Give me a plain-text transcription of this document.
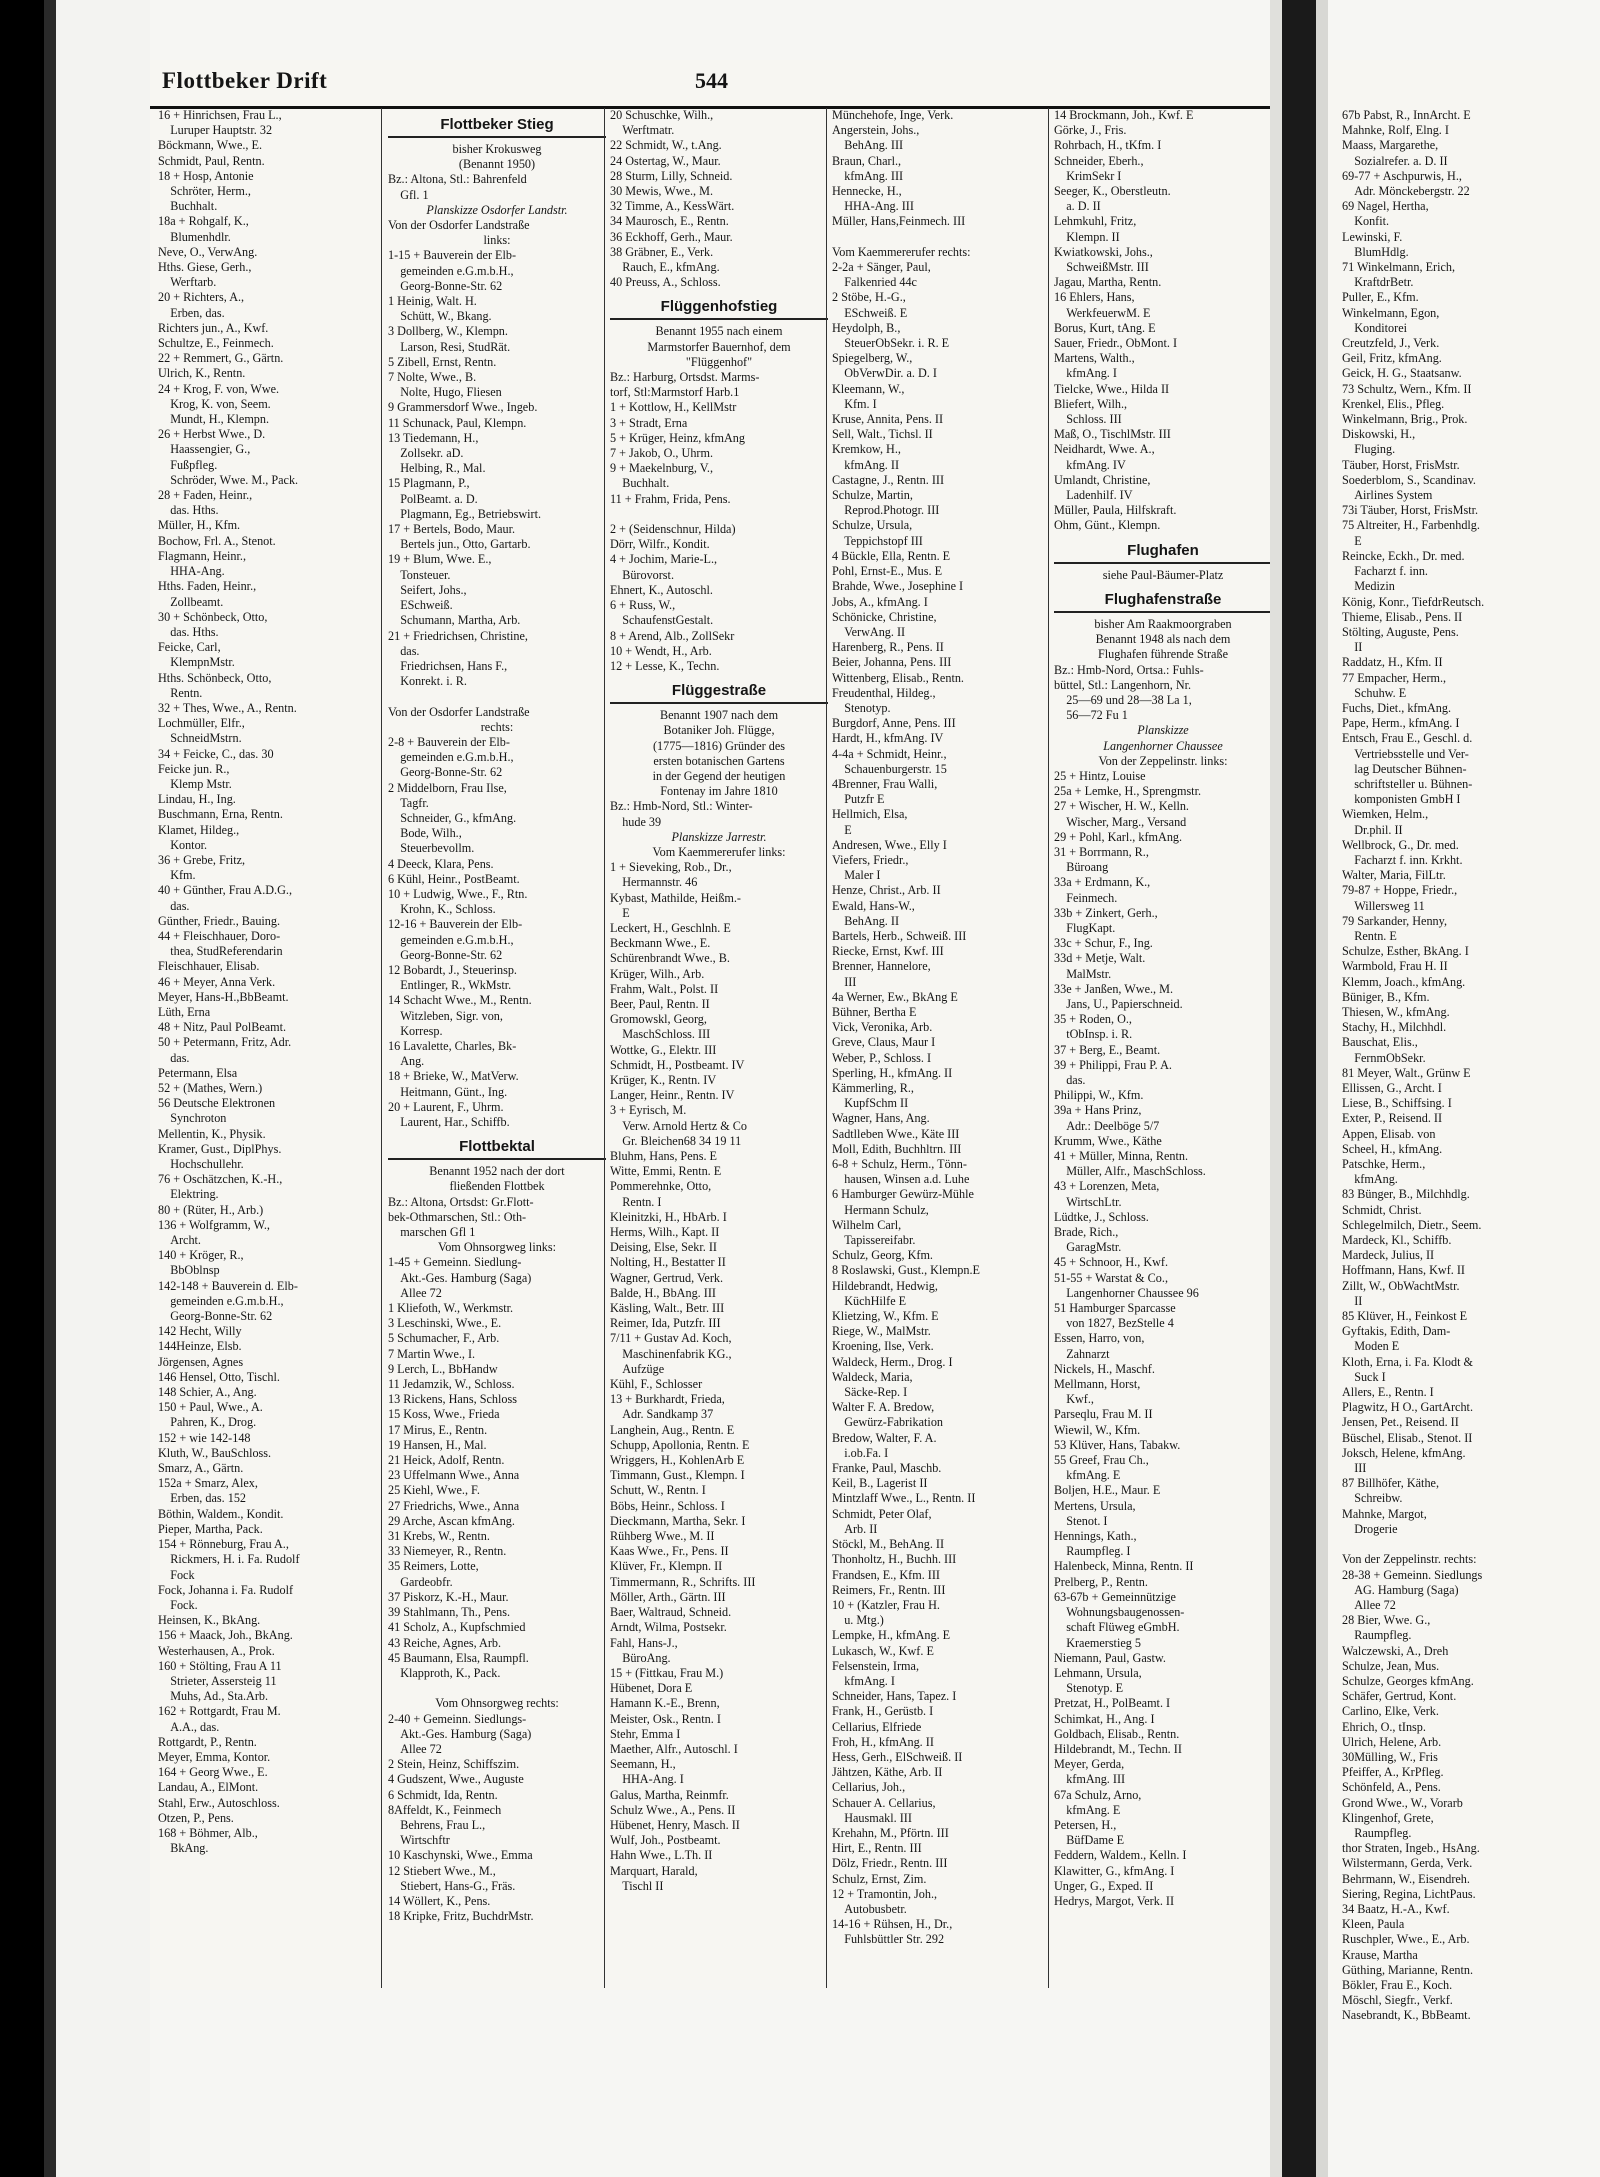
Flottbeker Drift	544
16 + Hinrichsen, Frau L.,
 Luruper Hauptstr. 32
Böckmann, Wwe., E.
Schmidt, Paul, Rentn.
18 + Hosp, Antonie
 Schröter, Herm.,
 Buchhalt.
18a + Rohgalf, K.,
 Blumenhdlr.
Neve, O., VerwAng.
Hths. Giese, Gerh.,
 Werftarb.
20 + Richters, A.,
 Erben, das.
Richters jun., A., Kwf.
Schultze, E., Feinmech.
22 + Remmert, G., Gärtn.
Ulrich, K., Rentn.
24 + Krog, F. von, Wwe.
 Krog, K. von, Seem.
 Mundt, H., Klempn.
26 + Herbst Wwe., D.
 Haassengier, G.,
 Fußpfleg.
 Schröder, Wwe. M., Pack.
28 + Faden, Heinr.,
 das. Hths.
Müller, H., Kfm.
Bochow, Frl. A., Stenot.
Flagmann, Heinr.,
 HHA-Ang.
Hths. Faden, Heinr.,
 Zollbeamt.
30 + Schönbeck, Otto,
 das. Hths.
Feicke, Carl,
 KlempnMstr.
Hths. Schönbeck, Otto,
 Rentn.
32 + Thes, Wwe., A., Rentn.
Lochmüller, Elfr.,
 SchneidMstrn.
34 + Feicke, C., das. 30
Feicke jun. R.,
 Klemp Mstr.
Lindau, H., Ing.
Buschmann, Erna, Rentn.
Klamet, Hildeg.,
 Kontor.
36 + Grebe, Fritz,
 Kfm.
40 + Günther, Frau A.D.G.,
 das.
Günther, Friedr., Bauing.
44 + Fleischhauer, Doro-
 thea, StudReferendarin
Fleischhauer, Elisab.
46 + Meyer, Anna Verk.
Meyer, Hans-H.,BbBeamt.
Lüth, Erna
48 + Nitz, Paul PolBeamt.
50 + Petermann, Fritz, Adr.
 das.
Petermann, Elsa
52 + (Mathes, Wern.)
56 Deutsche Elektronen
 Synchroton
Mellentin, K., Physik.
Kramer, Gust., DiplPhys.
 Hochschullehr.
76 + Oschätzchen, K.-H.,
 Elektring.
80 + (Rüter, H., Arb.)
136 + Wolfgramm, W.,
 Archt.
140 + Kröger, R.,
 BbOblnsp
142-148 + Bauverein d. Elb-
 gemeinden e.G.m.b.H.,
 Georg-Bonne-Str. 62
142 Hecht, Willy
144Heinze, Elsb.
Jörgensen, Agnes
146 Hensel, Otto, Tischl.
148 Schier, A., Ang.
150 + Paul, Wwe., A.
 Pahren, K., Drog.
152 + wie 142-148
Kluth, W., BauSchloss.
Smarz, A., Gärtn.
152a + Smarz, Alex,
 Erben, das. 152
Böthin, Waldem., Kondit.
Pieper, Martha, Pack.
154 + Rönneburg, Frau A.,
 Rickmers, H. i. Fa. Rudolf
 Fock
Fock, Johanna i. Fa. Rudolf
 Fock.
Heinsen, K., BkAng.
156 + Maack, Joh., BkAng.
Westerhausen, A., Prok.
160 + Stölting, Frau A 11
 Strieter, Assersteig 11
 Muhs, Ad., Sta.Arb.
162 + Rottgardt, Frau M.
 A.A., das.
Rottgardt, P., Rentn.
Meyer, Emma, Kontor.
164 + Georg Wwe., E.
Landau, A., ElMont.
Stahl, Erw., Autoschloss.
Otzen, P., Pens.
168 + Böhmer, Alb.,
 BkAng.
Flottbeker Stieg
bisher Krokusweg
(Benannt 1950)
Bz.: Altona, Stl.: Bahrenfeld
 Gfl. 1
Planskizze Osdorfer Landstr.
Von der Osdorfer Landstraße
links:
1-15 + Bauverein der Elb-
 gemeinden e.G.m.b.H.,
 Georg-Bonne-Str. 62
1 Heinig, Walt. H.
 Schütt, W., Bkang.
3 Dollberg, W., Klempn.
 Larson, Resi, StudRät.
5 Zibell, Ernst, Rentn.
7 Nolte, Wwe., B.
 Nolte, Hugo, Fliesen
9 Grammersdorf Wwe., Ingeb.
11 Schunack, Paul, Klempn.
13 Tiedemann, H.,
 Zollsekr. aD.
 Helbing, R., Mal.
15 Plagmann, P.,
 PolBeamt. a. D.
 Plagmann, Eg., Betriebswirt.
17 + Bertels, Bodo, Maur.
 Bertels jun., Otto, Gartarb.
19 + Blum, Wwe. E.,
 Tonsteuer.
 Seifert, Johs.,
 ESchweiß.
 Schumann, Martha, Arb.
21 + Friedrichsen, Christine,
 das.
 Friedrichsen, Hans F.,
 Konrekt. i. R.

Von der Osdorfer Landstraße
rechts:
2-8 + Bauverein der Elb-
 gemeinden e.G.m.b.H.,
 Georg-Bonne-Str. 62
2 Middelborn, Frau Ilse,
 Tagfr.
 Schneider, G., kfmAng.
 Bode, Wilh.,
 Steuerbevollm.
4 Deeck, Klara, Pens.
6 Kühl, Heinr., PostBeamt.
10 + Ludwig, Wwe., F., Rtn.
 Krohn, K., Schloss.
12-16 + Bauverein der Elb-
 gemeinden e.G.m.b.H.,
 Georg-Bonne-Str. 62
12 Bobardt, J., Steuerinsp.
 Entlinger, R., WkMstr.
14 Schacht Wwe., M., Rentn.
 Witzleben, Sigr. von,
 Korresp.
16 Lavalette, Charles, Bk-
 Ang.
18 + Brieke, W., MatVerw.
 Heitmann, Günt., Ing.
20 + Laurent, F., Uhrm.
 Laurent, Har., Schiffb.
Flottbektal
Benannt 1952 nach der dort
fließenden Flottbek
Bz.: Altona, Ortsdst: Gr.Flott-
bek-Othmarschen, Stl.: Oth-
 marschen Gfl 1
Vom Ohnsorgweg links:
1-45 + Gemeinn. Siedlung-
 Akt.-Ges. Hamburg (Saga)
 Allee 72
1 Kliefoth, W., Werkmstr.
3 Leschinski, Wwe., E.
5 Schumacher, F., Arb.
7 Martin Wwe., I.
9 Lerch, L., BbHandw
11 Jedamzik, W., Schloss.
13 Rickens, Hans, Schloss
15 Koss, Wwe., Frieda
17 Mirus, E., Rentn.
19 Hansen, H., Mal.
21 Heick, Adolf, Rentn.
23 Uffelmann Wwe., Anna
25 Kiehl, Wwe., F.
27 Friedrichs, Wwe., Anna
29 Arche, Ascan kfmAng.
31 Krebs, W., Rentn.
33 Niemeyer, R., Rentn.
35 Reimers, Lotte,
 Gardeobfr.
37 Piskorz, K.-H., Maur.
39 Stahlmann, Th., Pens.
41 Scholz, A., Kupfschmied
43 Reiche, Agnes, Arb.
45 Baumann, Elsa, Raumpfl.
 Klapproth, K., Pack.

Vom Ohnsorgweg rechts:
2-40 + Gemeinn. Siedlungs-
 Akt.-Ges. Hamburg (Saga)
 Allee 72
2 Stein, Heinz, Schiffszim.
4 Gudszent, Wwe., Auguste
6 Schmidt, Ida, Rentn.
8Affeldt, K., Feinmech
 Behrens, Frau L.,
 Wirtschftr
10 Kaschynski, Wwe., Emma
12 Stiebert Wwe., M.,
 Stiebert, Hans-G., Fräs.
14 Wöllert, K., Pens.
18 Kripke, Fritz, BuchdrMstr.
20 Schuschke, Wilh.,
 Werftmatr.
22 Schmidt, W., t.Ang.
24 Ostertag, W., Maur.
28 Sturm, Lilly, Schneid.
30 Mewis, Wwe., M.
32 Timme, A., KessWärt.
34 Maurosch, E., Rentn.
36 Eckhoff, Gerh., Maur.
38 Gräbner, E., Verk.
 Rauch, E., kfmAng.
40 Preuss, A., Schloss.
Flüggenhofstieg
Benannt 1955 nach einem
Marmstorfer Bauernhof, dem
"Flüggenhof"
Bz.: Harburg, Ortsdst. Marms-
torf, Stl:Marmstorf Harb.1
1 + Kottlow, H., KellMstr
3 + Stradt, Erna
5 + Krüger, Heinz, kfmAng
7 + Jakob, O., Uhrm.
9 + Maekelnburg, V.,
 Buchhalt.
11 + Frahm, Frida, Pens.

2 + (Seidenschnur, Hilda)
Dörr, Wilfr., Kondit.
4 + Jochim, Marie-L.,
 Bürovorst.
Ehnert, K., Autoschl.
6 + Russ, W.,
 SchaufenstGestalt.
8 + Arend, Alb., ZollSekr
10 + Wendt, H., Arb.
12 + Lesse, K., Techn.
Flüggestraße
Benannt 1907 nach dem
Botaniker Joh. Flügge,
(1775—1816) Gründer des
ersten botanischen Gartens
in der Gegend der heutigen
Fontenay im Jahre 1810
Bz.: Hmb-Nord, Stl.: Winter-
 hude 39
Planskizze Jarrestr.
Vom Kaemmererufer links:
1 + Sieveking, Rob., Dr.,
 Hermannstr. 46
Kybast, Mathilde, Heißm.-
 E
Leckert, H., Geschlnh. E
Beckmann Wwe., E.
Schürenbrandt Wwe., B.
Krüger, Wilh., Arb.
Frahm, Walt., Polst. II
Beer, Paul, Rentn. II
Gromowskl, Georg,
 MaschSchloss. III
Wottke, G., Elektr. III
Schmidt, H., Postbeamt. IV
Krüger, K., Rentn. IV
Langer, Heinr., Rentn. IV
3 + Eyrisch, M.
 Verw. Arnold Hertz & Co
 Gr. Bleichen68 34 19 11
Bluhm, Hans, Pens. E
Witte, Emmi, Rentn. E
Pommerehnke, Otto,
 Rentn. I
Kleinitzki, H., HbArb. I
Herms, Wilh., Kapt. II
Deising, Else, Sekr. II
Nolting, H., Bestatter II
Wagner, Gertrud, Verk.
Balde, H., BbAng. III
Käsling, Walt., Betr. III
Reimer, Ida, Putzfr. III
7/11 + Gustav Ad. Koch,
 Maschinenfabrik KG.,
 Aufzüge
Kühl, F., Schlosser
13 + Burkhardt, Frieda,
 Adr. Sandkamp 37
Langhein, Aug., Rentn. E
Schupp, Apollonia, Rentn. E
Wriggers, H., KohlenArb E
Timmann, Gust., Klempn. I
Schutt, W., Rentn. I
Böbs, Heinr., Schloss. I
Dieckmann, Martha, Sekr. I
Rühberg Wwe., M. II
Kaas Wwe., Fr., Pens. II
Klüver, Fr., Klempn. II
Timmermann, R., Schrifts. III
Möller, Arth., Gärtn. III
Baer, Waltraud, Schneid.
Arndt, Wilma, Postsekr.
Fahl, Hans-J.,
 BüroAng.
15 + (Fittkau, Frau M.)
Hübenet, Dora E
Hamann K.-E., Brenn,
Meister, Osk., Rentn. I
Stehr, Emma I
Maether, Alfr., Autoschl. I
Seemann, H.,
 HHA-Ang. I
Galus, Martha, Reinmfr.
Schulz Wwe., A., Pens. II
Hübenet, Henry, Masch. II
Wulf, Joh., Postbeamt.
Hahn Wwe., L.Th. II
Marquart, Harald,
 Tischl II
Münchehofe, Inge, Verk.
Angerstein, Johs.,
 BehAng. III
Braun, Charl.,
 kfmAng. III
Hennecke, H.,
 HHA-Ang. III
Müller, Hans,Feinmech. III

Vom Kaemmererufer rechts:
2-2a + Sänger, Paul,
 Falkenried 44c
2 Stöbe, H.-G.,
 ESchweiß. E
Heydolph, B.,
 SteuerObSekr. i. R. E
Spiegelberg, W.,
 ObVerwDir. a. D. I
Kleemann, W.,
 Kfm. I
Kruse, Annita, Pens. II
Sell, Walt., Tichsl. II
Kremkow, H.,
 kfmAng. II
Castagne, J., Rentn. III
Schulze, Martin,
 Reprod.Photogr. III
Schulze, Ursula,
 Teppichstopf III
4 Bückle, Ella, Rentn. E
Pohl, Ernst-E., Mus. E
Brahde, Wwe., Josephine I
Jobs, A., kfmAng. I
Schönicke, Christine,
 VerwAng. II
Harenberg, R., Pens. II
Beier, Johanna, Pens. III
Wittenberg, Elisab., Rentn.
Freudenthal, Hildeg.,
 Stenotyp.
Burgdorf, Anne, Pens. III
Hardt, H., kfmAng. IV
4-4a + Schmidt, Heinr.,
 Schauenburgerstr. 15
4Brenner, Frau Walli,
 Putzfr E
Hellmich, Elsa,
 E
Andresen, Wwe., Elly I
Viefers, Friedr.,
 Maler I
Henze, Christ., Arb. II
Ewald, Hans-W.,
 BehAng. II
Bartels, Herb., Schweiß. III
Riecke, Ernst, Kwf. III
Brenner, Hannelore,
 III
4a Werner, Ew., BkAng E
Bühner, Bertha E
Vick, Veronika, Arb.
Greve, Claus, Maur I
Weber, P., Schloss. I
Sperling, H., kfmAng. II
Kämmerling, R.,
 KupfSchm II
Wagner, Hans, Ang.
Sadtlleben Wwe., Käte III
Moll, Edith, Buchhltrn. III
6-8 + Schulz, Herm., Tönn-
 hausen, Winsen a.d. Luhe
6 Hamburger Gewürz-Mühle
 Hermann Schulz,
Wilhelm Carl,
 Tapissereifabr.
Schulz, Georg, Kfm.
8 Roslawski, Gust., Klempn.E
Hildebrandt, Hedwig,
 KüchHilfe E
Klietzing, W., Kfm. E
Riege, W., MalMstr.
Kroening, Ilse, Verk.
Waldeck, Herm., Drog. I
Waldeck, Maria,
 Säcke-Rep. I
Walter F. A. Bredow,
 Gewürz-Fabrikation
Bredow, Walter, F. A.
 i.ob.Fa. I
Franke, Paul, Maschb.
Keil, B., Lagerist II
Mintzlaff Wwe., L., Rentn. II
Schmidt, Peter Olaf,
 Arb. II
Stöckl, M., BehAng. II
Thonholtz, H., Buchh. III
Frandsen, E., Kfm. III
Reimers, Fr., Rentn. III
10 + (Katzler, Frau H.
 u. Mtg.)
Lempke, H., kfmAng. E
Lukasch, W., Kwf. E
Felsenstein, Irma,
 kfmAng. I
Schneider, Hans, Tapez. I
Frank, H., Gerüstb. I
Cellarius, Elfriede
Froh, H., kfmAng. II
Hess, Gerh., ElSchweiß. II
Jähtzen, Käthe, Arb. II
Cellarius, Joh.,
Schauer A. Cellarius,
 Hausmakl. III
Krehahn, M., Pförtn. III
Hirt, E., Rentn. III
Dölz, Friedr., Rentn. III
Schulz, Ernst, Zim.
12 + Tramontin, Joh.,
 Autobusbetr.
14-16 + Rühsen, H., Dr.,
 Fuhlsbüttler Str. 292
14 Brockmann, Joh., Kwf. E
Görke, J., Fris.
Rohrbach, H., tKfm. I
Schneider, Eberh.,
 KrimSekr I
Seeger, K., Oberstleutn.
 a. D. II
Lehmkuhl, Fritz,
 Klempn. II
Kwiatkowski, Johs.,
 SchweißMstr. III
Jagau, Martha, Rentn.
16 Ehlers, Hans,
 WerkfeuerwM. E
Borus, Kurt, tAng. E
Sauer, Friedr., ObMont. I
Martens, Walth.,
 kfmAng. I
Tielcke, Wwe., Hilda II
Bliefert, Wilh.,
 Schloss. III
Maß, O., TischlMstr. III
Neidhardt, Wwe. A.,
 kfmAng. IV
Umlandt, Christine,
 Ladenhilf. IV
Müller, Paula, Hilfskraft.
Ohm, Günt., Klempn.
Flughafen
siehe Paul-Bäumer-Platz
Flughafenstraße
bisher Am Raakmoorgraben
Benannt 1948 als nach dem
Flughafen führende Straße
Bz.: Hmb-Nord, Ortsa.: Fuhls-
büttel, Stl.: Langenhorn, Nr.
 25—69 und 28—38 La 1,
 56—72 Fu 1
Planskizze
Langenhorner Chaussee
Von der Zeppelinstr. links:
25 + Hintz, Louise
25a + Lemke, H., Sprengmstr.
27 + Wischer, H. W., Kelln.
 Wischer, Marg., Versand
29 + Pohl, Karl., kfmAng.
31 + Borrmann, R.,
 Büroang
33a + Erdmann, K.,
 Feinmech.
33b + Zinkert, Gerh.,
 FlugKapt.
33c + Schur, F., Ing.
33d + Metje, Walt.
 MalMstr.
33e + Janßen, Wwe., M.
 Jans, U., Papierschneid.
35 + Roden, O.,
 tObInsp. i. R.
37 + Berg, E., Beamt.
39 + Philippi, Frau P. A.
 das.
Philippi, W., Kfm.
39a + Hans Prinz,
 Adr.: Deelböge 5/7
Krumm, Wwe., Käthe
41 + Müller, Minna, Rentn.
 Müller, Alfr., MaschSchloss.
43 + Lorenzen, Meta,
 WirtschLtr.
Lüdtke, J., Schloss.
Brade, Rich.,
 GaragMstr.
45 + Schnoor, H., Kwf.
51-55 + Warstat & Co.,
 Langenhorner Chaussee 96
51 Hamburger Sparcasse
 von 1827, BezStelle 4
Essen, Harro, von,
 Zahnarzt
Nickels, H., Maschf.
Mellmann, Horst,
 Kwf.,
Parseqlu, Frau M. II
Wiewil, W., Kfm.
53 Klüver, Hans, Tabakw.
55 Greef, Frau Ch.,
 kfmAng. E
Boljen, H.E., Maur. E
Mertens, Ursula,
 Stenot. I
Hennings, Kath.,
 Raumpfleg. I
Halenbeck, Minna, Rentn. II
Prelberg, P., Rentn.
63-67b + Gemeinnützige
 Wohnungsbaugenossen-
 schaft Flüweg eGmbH.
 Kraemerstieg 5
Niemann, Paul, Gastw.
Lehmann, Ursula,
 Stenotyp. E
Pretzat, H., PolBeamt. I
Schimkat, H., Ang. I
Goldbach, Elisab., Rentn.
Hildebrandt, M., Techn. II
Meyer, Gerda,
 kfmAng. III
67a Schulz, Arno,
 kfmAng. E
Petersen, H.,
 BüfDame E
Feddern, Waldem., Kelln. I
Klawitter, G., kfmAng. I
Unger, G., Exped. II
Hedrys, Margot, Verk. II
67b Pabst, R., InnArcht. E
Mahnke, Rolf, Elng. I
Maass, Margarethe,
 Sozialrefer. a. D. II
69-77 + Aschpurwis, H.,
 Adr. Mönckebergstr. 22
69 Nagel, Hertha,
 Konfit.
Lewinski, F.
 BlumHdlg.
71 Winkelmann, Erich,
 KraftdrBetr.
Puller, E., Kfm.
Winkelmann, Egon,
 Konditorei
Creutzfeld, J., Verk.
Geil, Fritz, kfmAng.
Geick, H. G., Staatsanw.
73 Schultz, Wern., Kfm. II
Krenkel, Elis., Pfleg.
Winkelmann, Brig., Prok.
Diskowski, H.,
 Fluging.
Täuber, Horst, FrisMstr.
Soederblom, S., Scandinav.
 Airlines System
73i Täuber, Horst, FrisMstr.
75 Altreiter, H., Farbenhdlg.
 E
Reincke, Eckh., Dr. med.
 Facharzt f. inn.
 Medizin
König, Konr., TiefdrReutsch.
Thieme, Elisab., Pens. II
Stölting, Auguste, Pens.
 II
Raddatz, H., Kfm. II
77 Empacher, Herm.,
 Schuhw. E
Fuchs, Diet., kfmAng.
Pape, Herm., kfmAng. I
Entsch, Frau E., Geschl. d.
 Vertriebsstelle und Ver-
 lag Deutscher Bühnen-
 schriftsteller u. Bühnen-
 komponisten GmbH I
Wiemken, Helm.,
 Dr.phil. II
Wellbrock, G., Dr. med.
 Facharzt f. inn. Krkht.
Walter, Maria, FilLtr.
79-87 + Hoppe, Friedr.,
 Willersweg 11
79 Sarkander, Henny,
 Rentn. E
Schulze, Esther, BkAng. I
Warmbold, Frau H. II
Klemm, Joach., kfmAng.
Büniger, B., Kfm.
Thiesen, W., kfmAng.
Stachy, H., Milchhdl.
Bauschat, Elis.,
 FernmObSekr.
81 Meyer, Walt., Grünw E
Ellissen, G., Archt. I
Liese, B., Schiffsing. I
Exter, P., Reisend. II
Appen, Elisab. von
Scheel, H., kfmAng.
Patschke, Herm.,
 kfmAng.
83 Bünger, B., Milchhdlg.
Schmidt, Christ.
Schlegelmilch, Dietr., Seem.
Mardeck, Kl., Schiffb.
Mardeck, Julius, II
Hoffmann, Hans, Kwf. II
Zillt, W., ObWachtMstr.
 II
85 Klüver, H., Feinkost E
Gyftakis, Edith, Dam-
 Moden E
Kloth, Erna, i. Fa. Klodt &
 Suck I
Allers, E., Rentn. I
Plagwitz, H O., GartArcht.
Jensen, Pet., Reisend. II
Büschel, Elisab., Stenot. II
Joksch, Helene, kfmAng.
 III
87 Billhöfer, Käthe,
 Schreibw.
Mahnke, Margot,
 Drogerie

Von der Zeppelinstr. rechts:
28-38 + Gemeinn. Siedlungs
 AG. Hamburg (Saga)
 Allee 72
28 Bier, Wwe. G.,
 Raumpfleg.
Walczewski, A., Dreh
Schulze, Jean, Mus.
Schulze, Georges kfmAng.
Schäfer, Gertrud, Kont.
Carlino, Elke, Verk.
Ehrich, O., tInsp.
Ulrich, Helene, Arb.
30Mülling, W., Fris
Pfeiffer, A., KrPfleg.
Schönfeld, A., Pens.
Grond Wwe., W., Vorarb
Klingenhof, Grete,
 Raumpfleg.
thor Straten, Ingeb., HsAng.
Wilstermann, Gerda, Verk.
Behrmann, W., Eisendreh.
Siering, Regina, LichtPaus.
34 Baatz, H.-A., Kwf.
Kleen, Paula
Ruschpler, Wwe., E., Arb.
Krause, Martha
Güthing, Marianne, Rentn.
Bökler, Frau E., Koch.
Möschl, Siegfr., Verkf.
Nasebrandt, K., BbBeamt.
